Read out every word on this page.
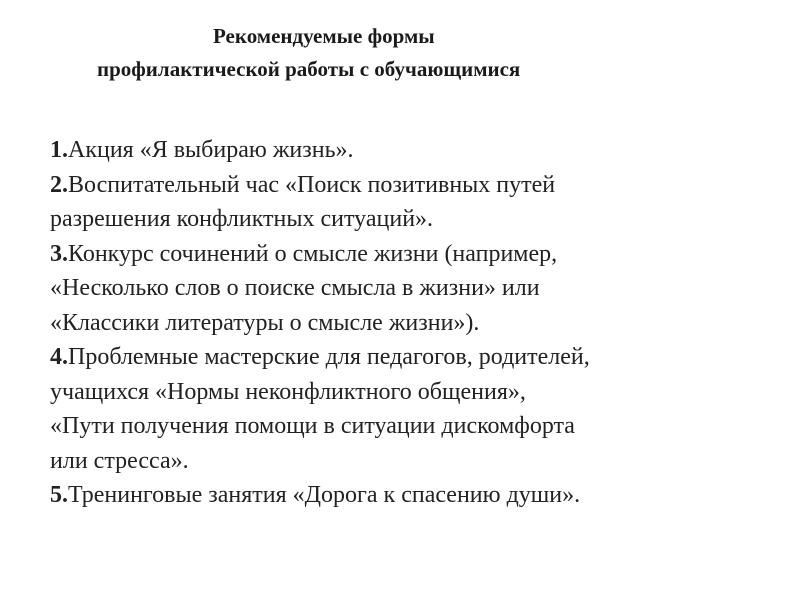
Рекомендуемые формы
профилактической работы с обучающимися
1.Акция «Я выбираю жизнь».
2.Воспитательный час «Поиск позитивных путей
разрешения конфликтных ситуаций».
3.Конкурс сочинений о смысле жизни (например,
«Несколько слов о поиске смысла в жизни» или
«Классики литературы о смысле жизни»).
4.Проблемные мастерские для педагогов, родителей,
учащихся «Нормы неконфликтного общения»,
«Пути получения помощи в ситуации дискомфорта
или стресса».
5.Тренинговые занятия «Дорога к спасению души».
